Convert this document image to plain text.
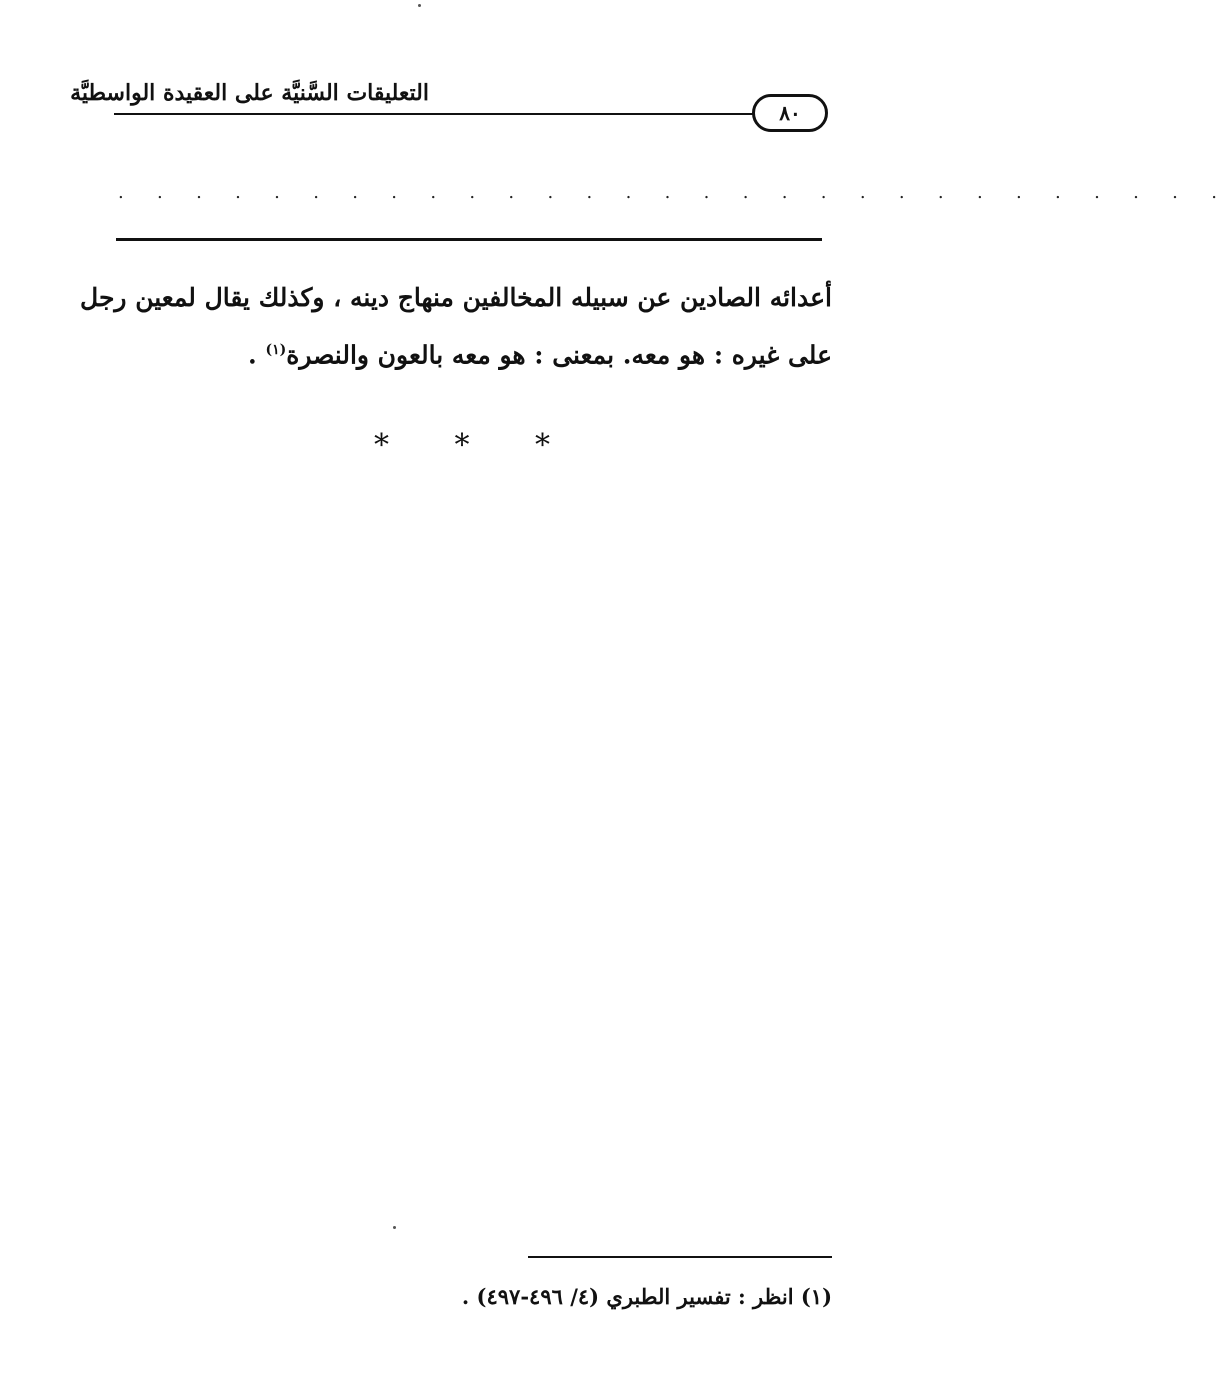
التعليقات السَّنيَّة على العقيدة الواسطيَّة
٨٠
. . . . . . . . . . . . . . . . . . . . . . . . . . . . .
أعدائه الصادين عن سبيله المخالفين منهاج دينه ، وكذلك يقال لمعين رجل
على غيره : هو معه. بمعنى : هو معه بالعون والنصرة$^{(١)}$ .
* * *
(١) انظر : تفسير الطبري (٤/ ٤٩٦-٤٩٧) .
